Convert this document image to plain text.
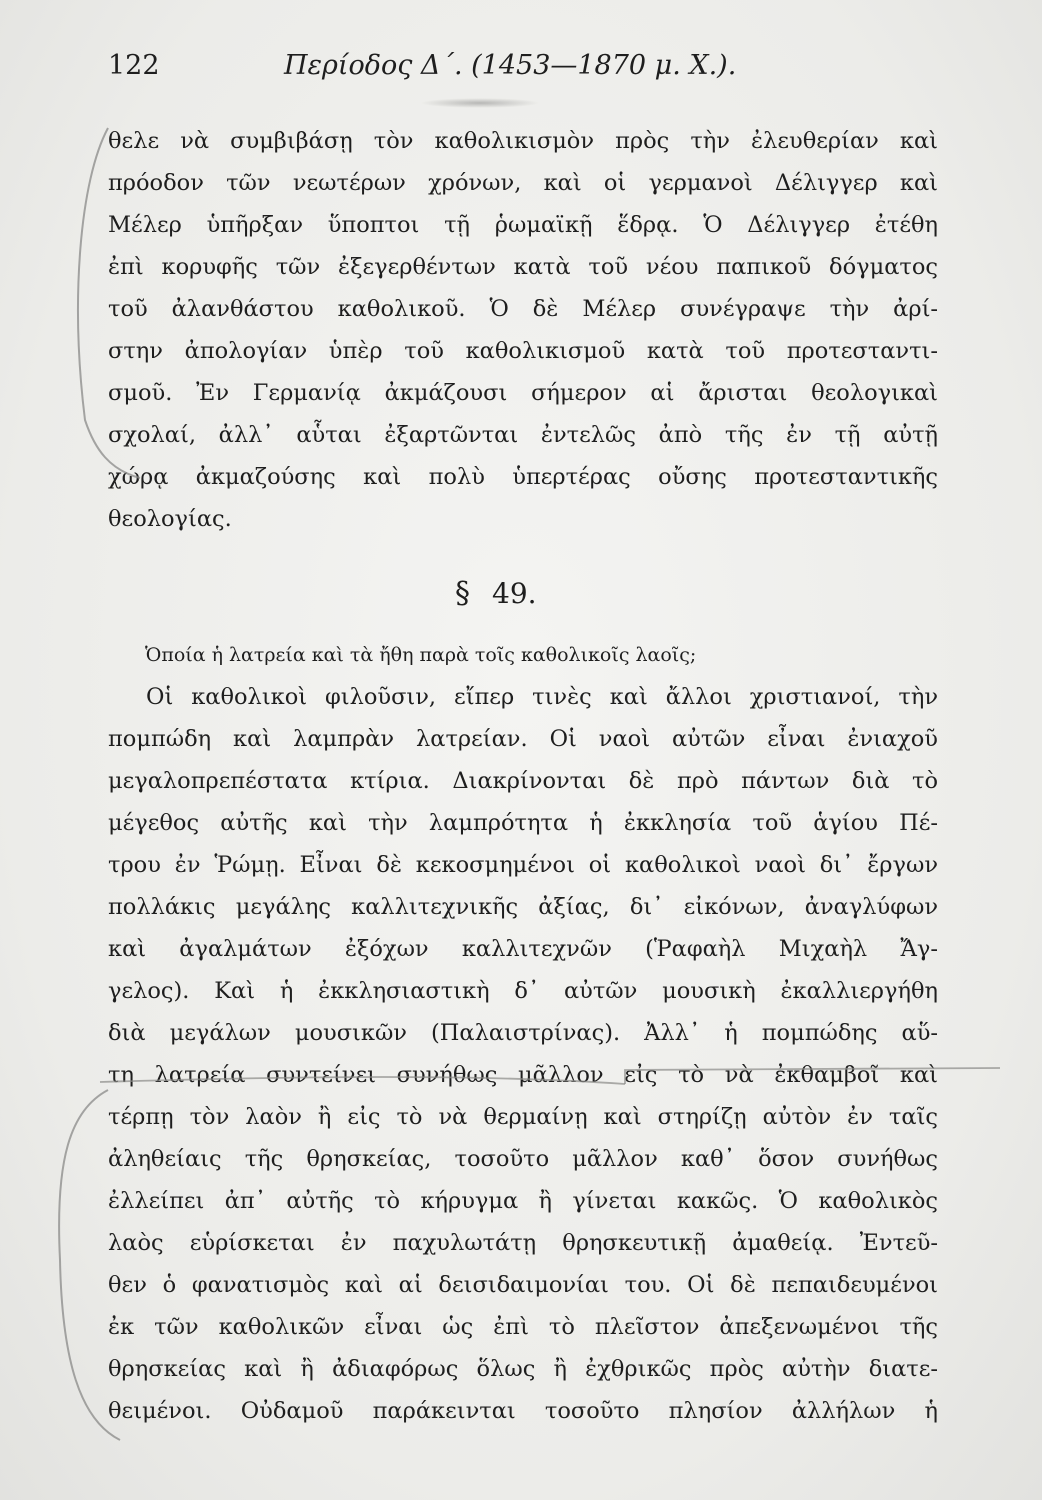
122	Περίοδος Δ΄. (1453—1870 μ. Χ.).
θελε νὰ συμβιβάσῃ τὸν καθολικισμὸν πρὸς τὴν ἐλευθερίαν καὶ
πρόοδον τῶν νεωτέρων χρόνων, καὶ οἱ γερμανοὶ Δέλιγγερ καὶ
Μέλερ ὑπῆρξαν ὕποπτοι τῇ ῥωμαϊκῇ ἕδρᾳ. Ὁ Δέλιγγερ ἐτέθη
ἐπὶ κορυφῆς τῶν ἐξεγερθέντων κατὰ τοῦ νέου παπικοῦ δόγματος
τοῦ ἀλανθάστου καθολικοῦ. Ὁ δὲ Μέλερ συνέγραψε τὴν ἀρί-
στην ἀπολογίαν ὑπὲρ τοῦ καθολικισμοῦ κατὰ τοῦ προτεσταντι-
σμοῦ. Ἐν Γερμανίᾳ ἀκμάζουσι σήμερον αἱ ἄρισται θεολογικαὶ
σχολαί, ἀλλ᾽ αὗται ἐξαρτῶνται ἐντελῶς ἀπὸ τῆς ἐν τῇ αὐτῇ
χώρᾳ ἀκμαζούσης καὶ πολὺ ὑπερτέρας οὔσης προτεσταντικῆς
θεολογίας.
§ 49.
Ὁποία ἡ λατρεία καὶ τὰ ἤθη παρὰ τοῖς καθολικοῖς λαοῖς;
Οἱ καθολικοὶ φιλοῦσιν, εἴπερ τινὲς καὶ ἄλλοι χριστιανοί, τὴν
πομπώδη καὶ λαμπρὰν λατρείαν. Οἱ ναοὶ αὐτῶν εἶναι ἐνιαχοῦ
μεγαλοπρεπέστατα κτίρια. Διακρίνονται δὲ πρὸ πάντων διὰ τὸ
μέγεθος αὐτῆς καὶ τὴν λαμπρότητα ἡ ἐκκλησία τοῦ ἁγίου Πέ-
τρου ἐν Ῥώμῃ. Εἶναι δὲ κεκοσμημένοι οἱ καθολικοὶ ναοὶ δι᾽ ἔργων
πολλάκις μεγάλης καλλιτεχνικῆς ἀξίας, δι᾽ εἰκόνων, ἀναγλύφων
καὶ ἀγαλμάτων ἐξόχων καλλιτεχνῶν (Ῥαφαὴλ Μιχαὴλ Ἄγ-
γελος). Καὶ ἡ ἐκκλησιαστικὴ δ᾽ αὐτῶν μουσικὴ ἐκαλλιεργήθη
διὰ μεγάλων μουσικῶν (Παλαιστρίνας). Ἀλλ᾽ ἡ πομπώδης αὕ-
τη λατρεία συντείνει συνήθως μᾶλλον εἰς τὸ νὰ ἐκθαμβοῖ καὶ
τέρπῃ τὸν λαὸν ἢ εἰς τὸ νὰ θερμαίνῃ καὶ στηρίζῃ αὐτὸν ἐν ταῖς
ἀληθείαις τῆς θρησκείας, τοσοῦτο μᾶλλον καθ᾽ ὅσον συνήθως
ἐλλείπει ἀπ᾽ αὐτῆς τὸ κήρυγμα ἢ γίνεται κακῶς. Ὁ καθολικὸς
λαὸς εὑρίσκεται ἐν παχυλωτάτῃ θρησκευτικῇ ἀμαθείᾳ. Ἐντεῦ-
θεν ὁ φανατισμὸς καὶ αἱ δεισιδαιμονίαι του. Οἱ δὲ πεπαιδευμένοι
ἐκ τῶν καθολικῶν εἶναι ὡς ἐπὶ τὸ πλεῖστον ἀπεξενωμένοι τῆς
θρησκείας καὶ ἢ ἀδιαφόρως ὅλως ἢ ἐχθρικῶς πρὸς αὐτὴν διατε-
θειμένοι. Οὐδαμοῦ παράκεινται τοσοῦτο πλησίον ἀλλήλων ἡ
